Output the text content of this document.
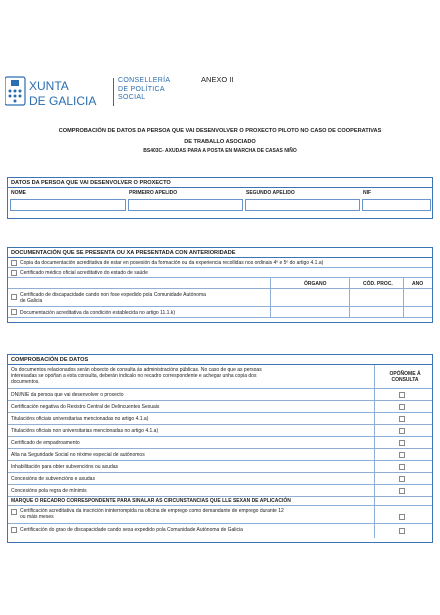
XUNTA
DE GALICIA
CONSELLERÍA
DE POLÍTICA
SOCIAL
ANEXO II
COMPROBACIÓN DE DATOS DA PERSOA QUE VAI DESENVOLVER O PROXECTO PILOTO NO CASO DE COOPERATIVAS
DE TRABALLO ASOCIADO
BS403C- AXUDAS PARA A POSTA EN MARCHA DE CASAS NIÑO
DATOS DA PERSOA QUE VAI DESENVOLVER O PROXECTO
NOME	PRIMEIRO APELIDO	SEGUNDO APELIDO	NIF
DOCUMENTACIÓN QUE SE PRESENTA OU XA PRESENTADA CON ANTERIORIDADE
Copia da documentación acreditativa de estar en posesión da formación ou da experiencia recollidas nos ordinais 4º e 5º do artigo 4.1.a)
Certificado médico oficial acreditativo do estado de saúde
ÓRGANO	CÓD. PROC.	ANO
Certificado de discapacidade cando non fose expedido pola Comunidade Autónoma
de Galicia
Documentación acreditativa da condición establecida no artigo 11.1.k)
COMPROBACIÓN DE DATOS
Os documentos relacionados serán obxecto de consulta ás administracións públicas. No caso de que as persoas
interesadas se opoñan a esta consulta, deberán indicalo no recadro correspondente e achegar unha copia dos
documentos.
OPÓÑOME Á
CONSULTA
DNI/NIE da persoa que vai desenvolver o proxecto
Certificación negativa do Rexistro Central de Delincuentes Sexuais
Titulacións oficiais universitarias mencionadas no artigo 4.1.a)
Titulacións oficiais non universitarias mencionadas no artigo 4.1.a)
Certificado de empadroamento
Alta na Seguridade Social no réxime especial de autónomos
Inhabilitación para obter subvencións ou axudas
Concesións de subvencións e axudas
Concesións pola regra de mínimis
MARQUE O RECADRO CORRESPONDENTE PARA SINALAR AS CIRCUNSTANCIAS QUE LLE SEXAN DE APLICACIÓN
Certificación acreditativa da inscrición ininterrompida na oficina de emprego como demandante de emprego durante 12
ou máis meses
Certificación do grao de discapacidade cando sexa expedido pola Comunidade Autónoma de Galicia
